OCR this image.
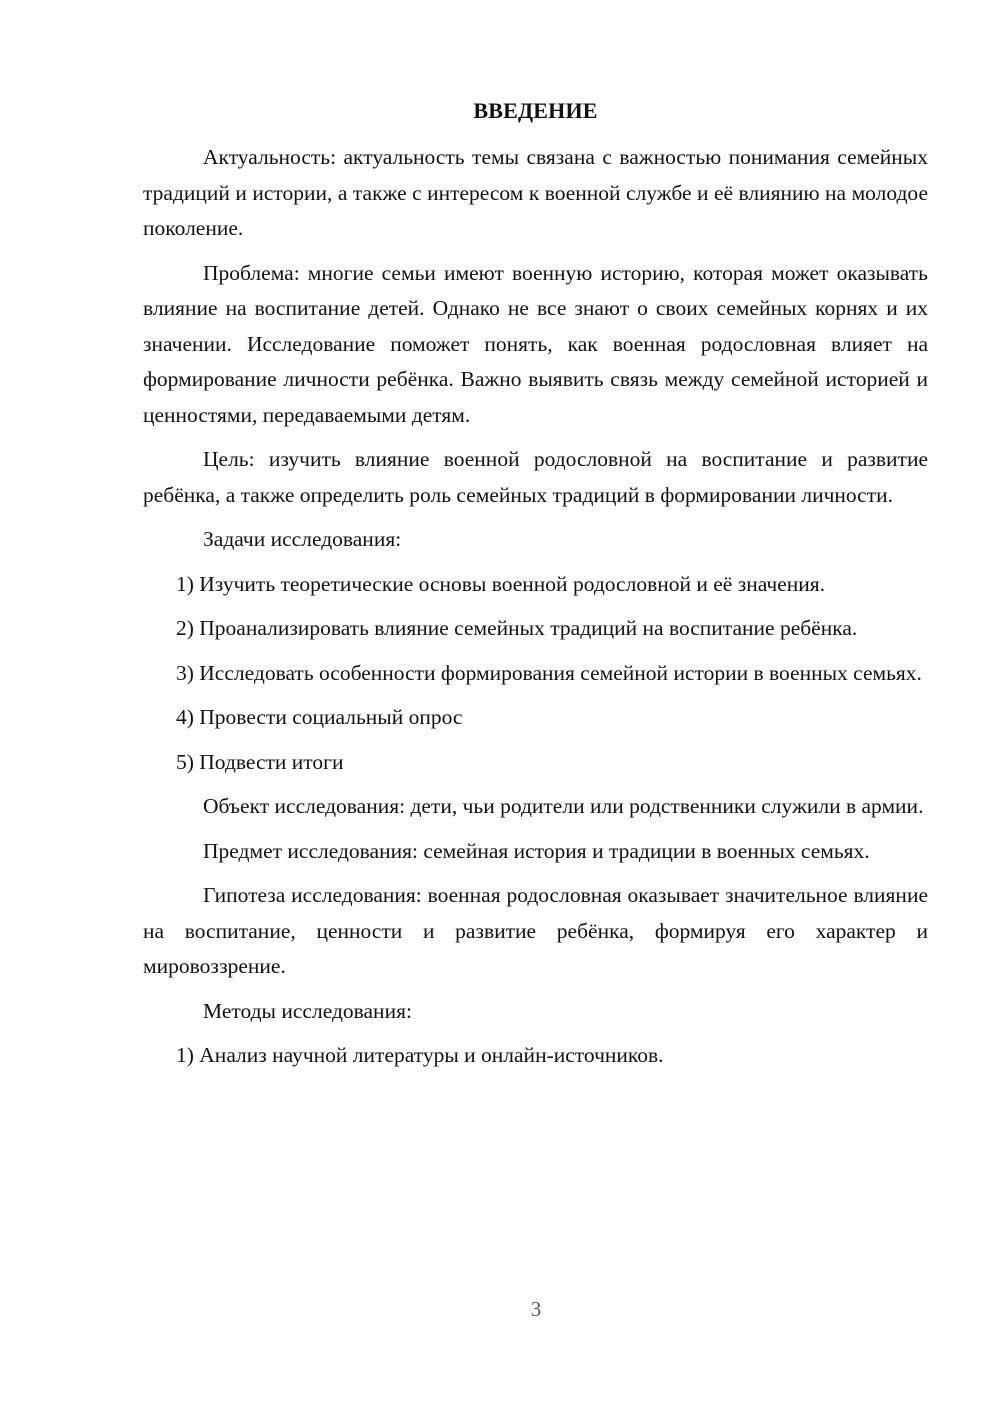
ВВЕДЕНИЕ

Актуальность: актуальность темы связана с важностью понимания семейных традиций и истории, а также с интересом к военной службе и её влиянию на молодое поколение.

Проблема: многие семьи имеют военную историю, которая может оказывать влияние на воспитание детей. Однако не все знают о своих семейных корнях и их значении. Исследование поможет понять, как военная родословная влияет на формирование личности ребёнка. Важно выявить связь между семейной историей и ценностями, передаваемыми детям.

Цель: изучить влияние военной родословной на воспитание и развитие ребёнка, а также определить роль семейных традиций в формировании личности.

Задачи исследования:

1) Изучить теоретические основы военной родословной и её значения.

2) Проанализировать влияние семейных традиций на воспитание ребёнка.

3) Исследовать особенности формирования семейной истории в военных семьях.

4) Провести социальный опрос

5) Подвести итоги

Объект исследования: дети, чьи родители или родственники служили в армии.

Предмет исследования: семейная история и традиции в военных семьях.

Гипотеза исследования: военная родословная оказывает значительное влияние на воспитание, ценности и развитие ребёнка, формируя его характер и мировоззрение.

Методы исследования:

1) Анализ научной литературы и онлайн-источников.

3
